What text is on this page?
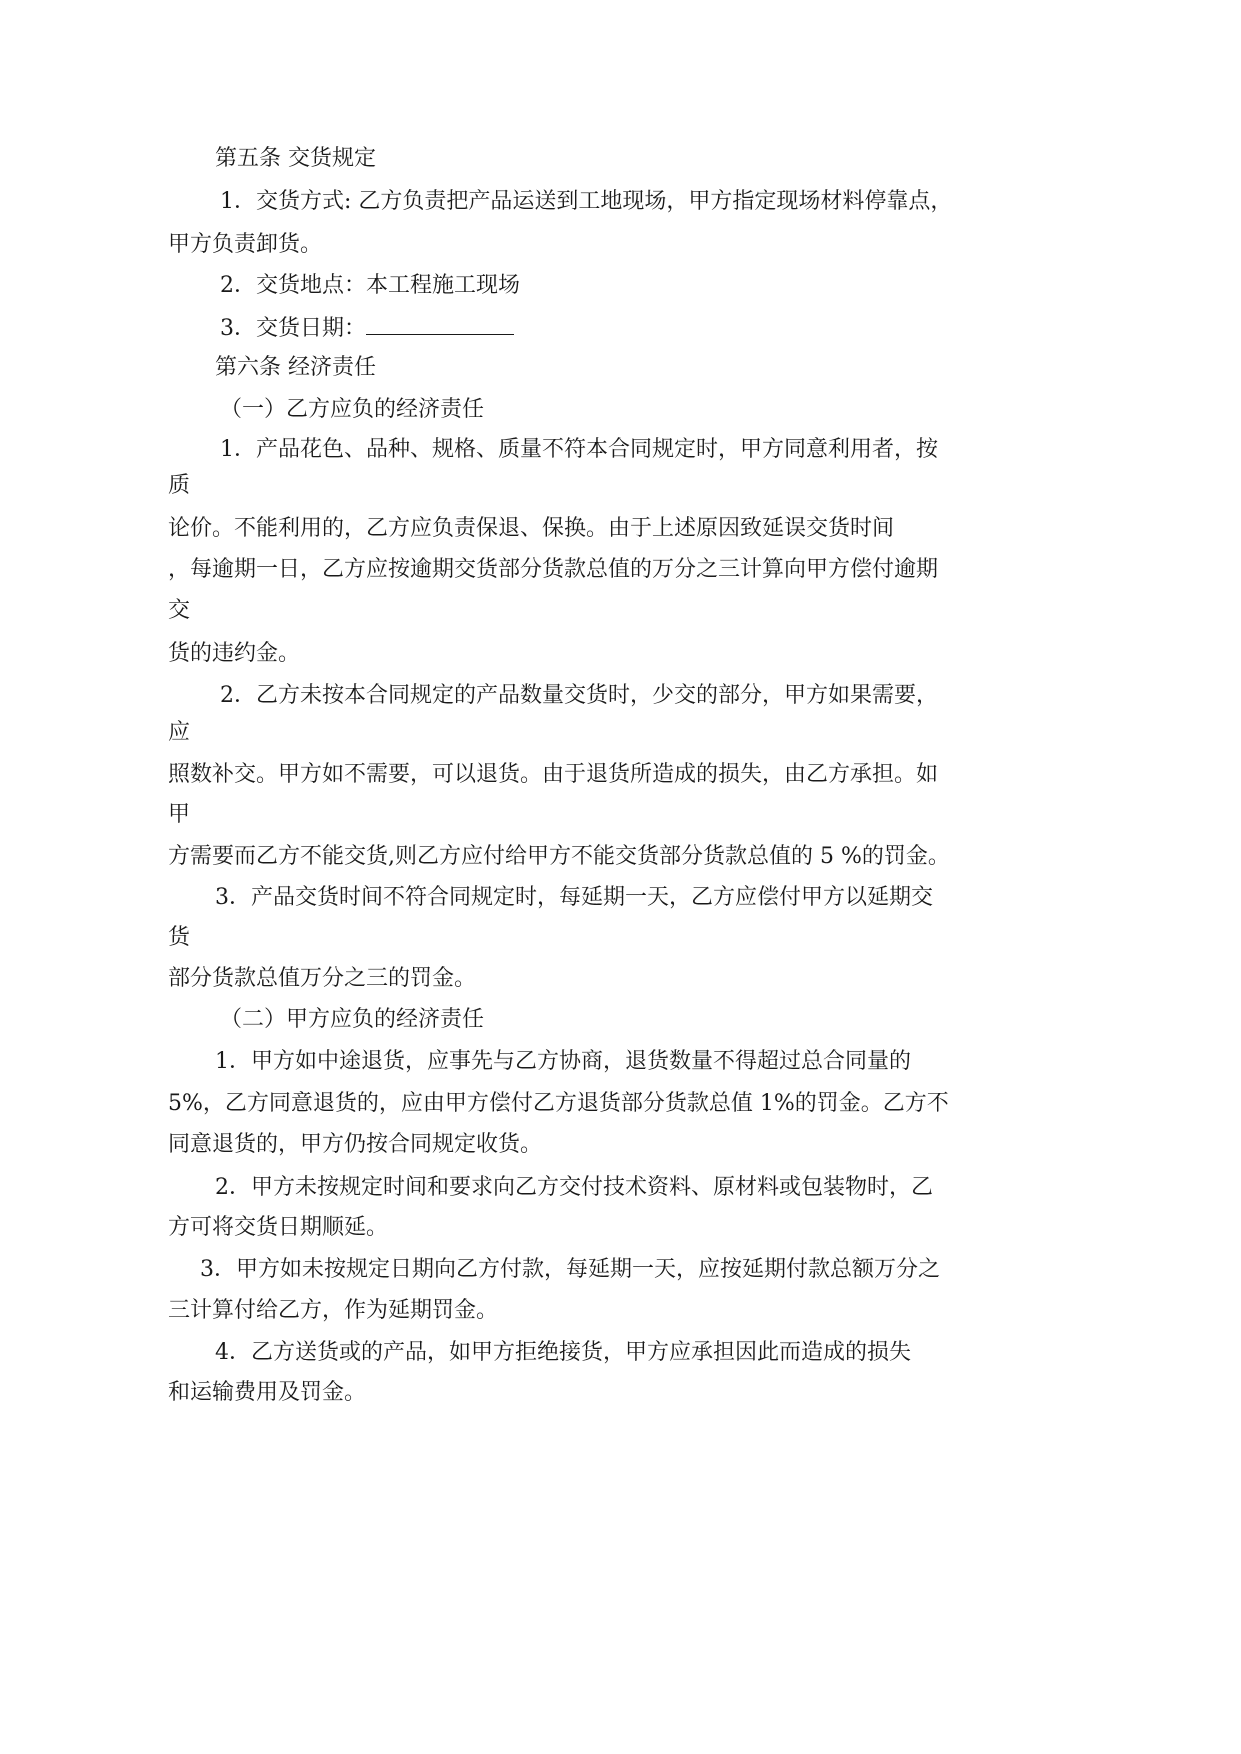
第五条 交货规定
1．交货方式: 乙方负责把产品运送到工地现场，甲方指定现场材料停靠点，
甲方负责卸货。
2．交货地点：本工程施工现场
3．交货日期：
第六条 经济责任
（一）乙方应负的经济责任
1．产品花色、品种、规格、质量不符本合同规定时，甲方同意利用者，按
质
论价。不能利用的，乙方应负责保退、保换。由于上述原因致延误交货时间
，每逾期一日，乙方应按逾期交货部分货款总值的万分之三计算向甲方偿付逾期
交
货的违约金。
2．乙方未按本合同规定的产品数量交货时，少交的部分，甲方如果需要，
应
照数补交。甲方如不需要，可以退货。由于退货所造成的损失，由乙方承担。如
甲
方需要而乙方不能交货,则乙方应付给甲方不能交货部分货款总值的 5 %的罚金。
3．产品交货时间不符合同规定时，每延期一天，乙方应偿付甲方以延期交
货
部分货款总值万分之三的罚金。
（二）甲方应负的经济责任
1．甲方如中途退货，应事先与乙方协商，退货数量不得超过总合同量的
5%，乙方同意退货的，应由甲方偿付乙方退货部分货款总值 1%的罚金。乙方不
同意退货的，甲方仍按合同规定收货。
2．甲方未按规定时间和要求向乙方交付技术资料、原材料或包装物时，乙
方可将交货日期顺延。
3．甲方如未按规定日期向乙方付款，每延期一天，应按延期付款总额万分之
三计算付给乙方，作为延期罚金。
4．乙方送货或的产品，如甲方拒绝接货，甲方应承担因此而造成的损失
和运输费用及罚金。
